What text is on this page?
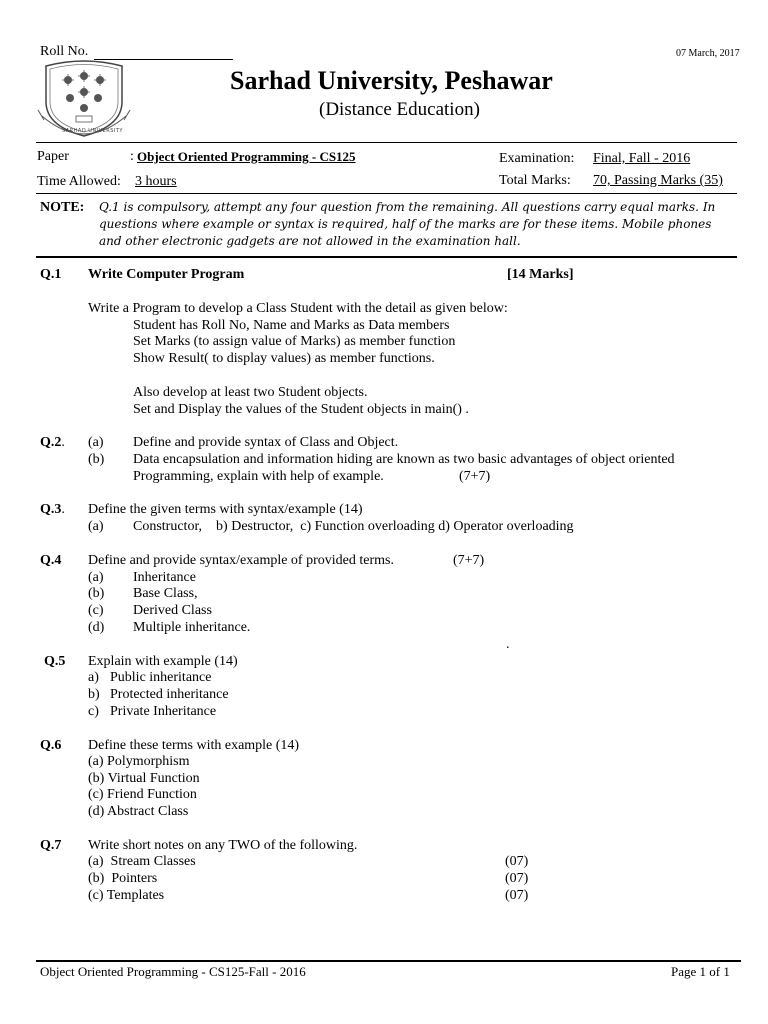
Roll No.	07 March, 2017
SARHAD UNIVERSITY
Sarhad University, Peshawar
(Distance Education)
Paper	: Object Oriented Programming - CS125	Examination: Final, Fall - 2016
Time Allowed: 3 hours	Total Marks: 70, Passing Marks (35)
NOTE: Q.1 is compulsory, attempt any four question from the remaining. All questions carry equal marks. In
questions where example or syntax is required, half of the marks are for these items. Mobile phones
and other electronic gadgets are not allowed in the examination hall.
Q.1 Write Computer Program	[14 Marks]
Write a Program to develop a Class Student with the detail as given below:
Student has Roll No, Name and Marks as Data members
Set Marks (to assign value of Marks) as member function
Show Result( to display values) as member functions.
Also develop at least two Student objects.
Set and Display the values of the Student objects in main() .
Q.2. (a) Define and provide syntax of Class and Object.
(b) Data encapsulation and information hiding are known as two basic advantages of object oriented
Programming, explain with help of example.	(7+7)
Q.3. Define the given terms with syntax/example (14)
(a) Constructor,    b) Destructor,  c) Function overloading d) Operator overloading
Q.4 Define and provide syntax/example of provided terms.	(7+7)
(a) Inheritance
(b) Base Class,
(c) Derived Class
(d) Multiple inheritance.
.
Q.5 Explain with example (14)
a) Public inheritance
b) Protected inheritance
c) Private Inheritance
Q.6 Define these terms with example (14)
(a) Polymorphism
(b) Virtual Function
(c) Friend Function
(d) Abstract Class
Q.7 Write short notes on any TWO of the following.
(a)  Stream Classes	(07)
(b)  Pointers	(07)
(c) Templates	(07)
Object Oriented Programming - CS125-Fall - 2016	Page 1 of 1
